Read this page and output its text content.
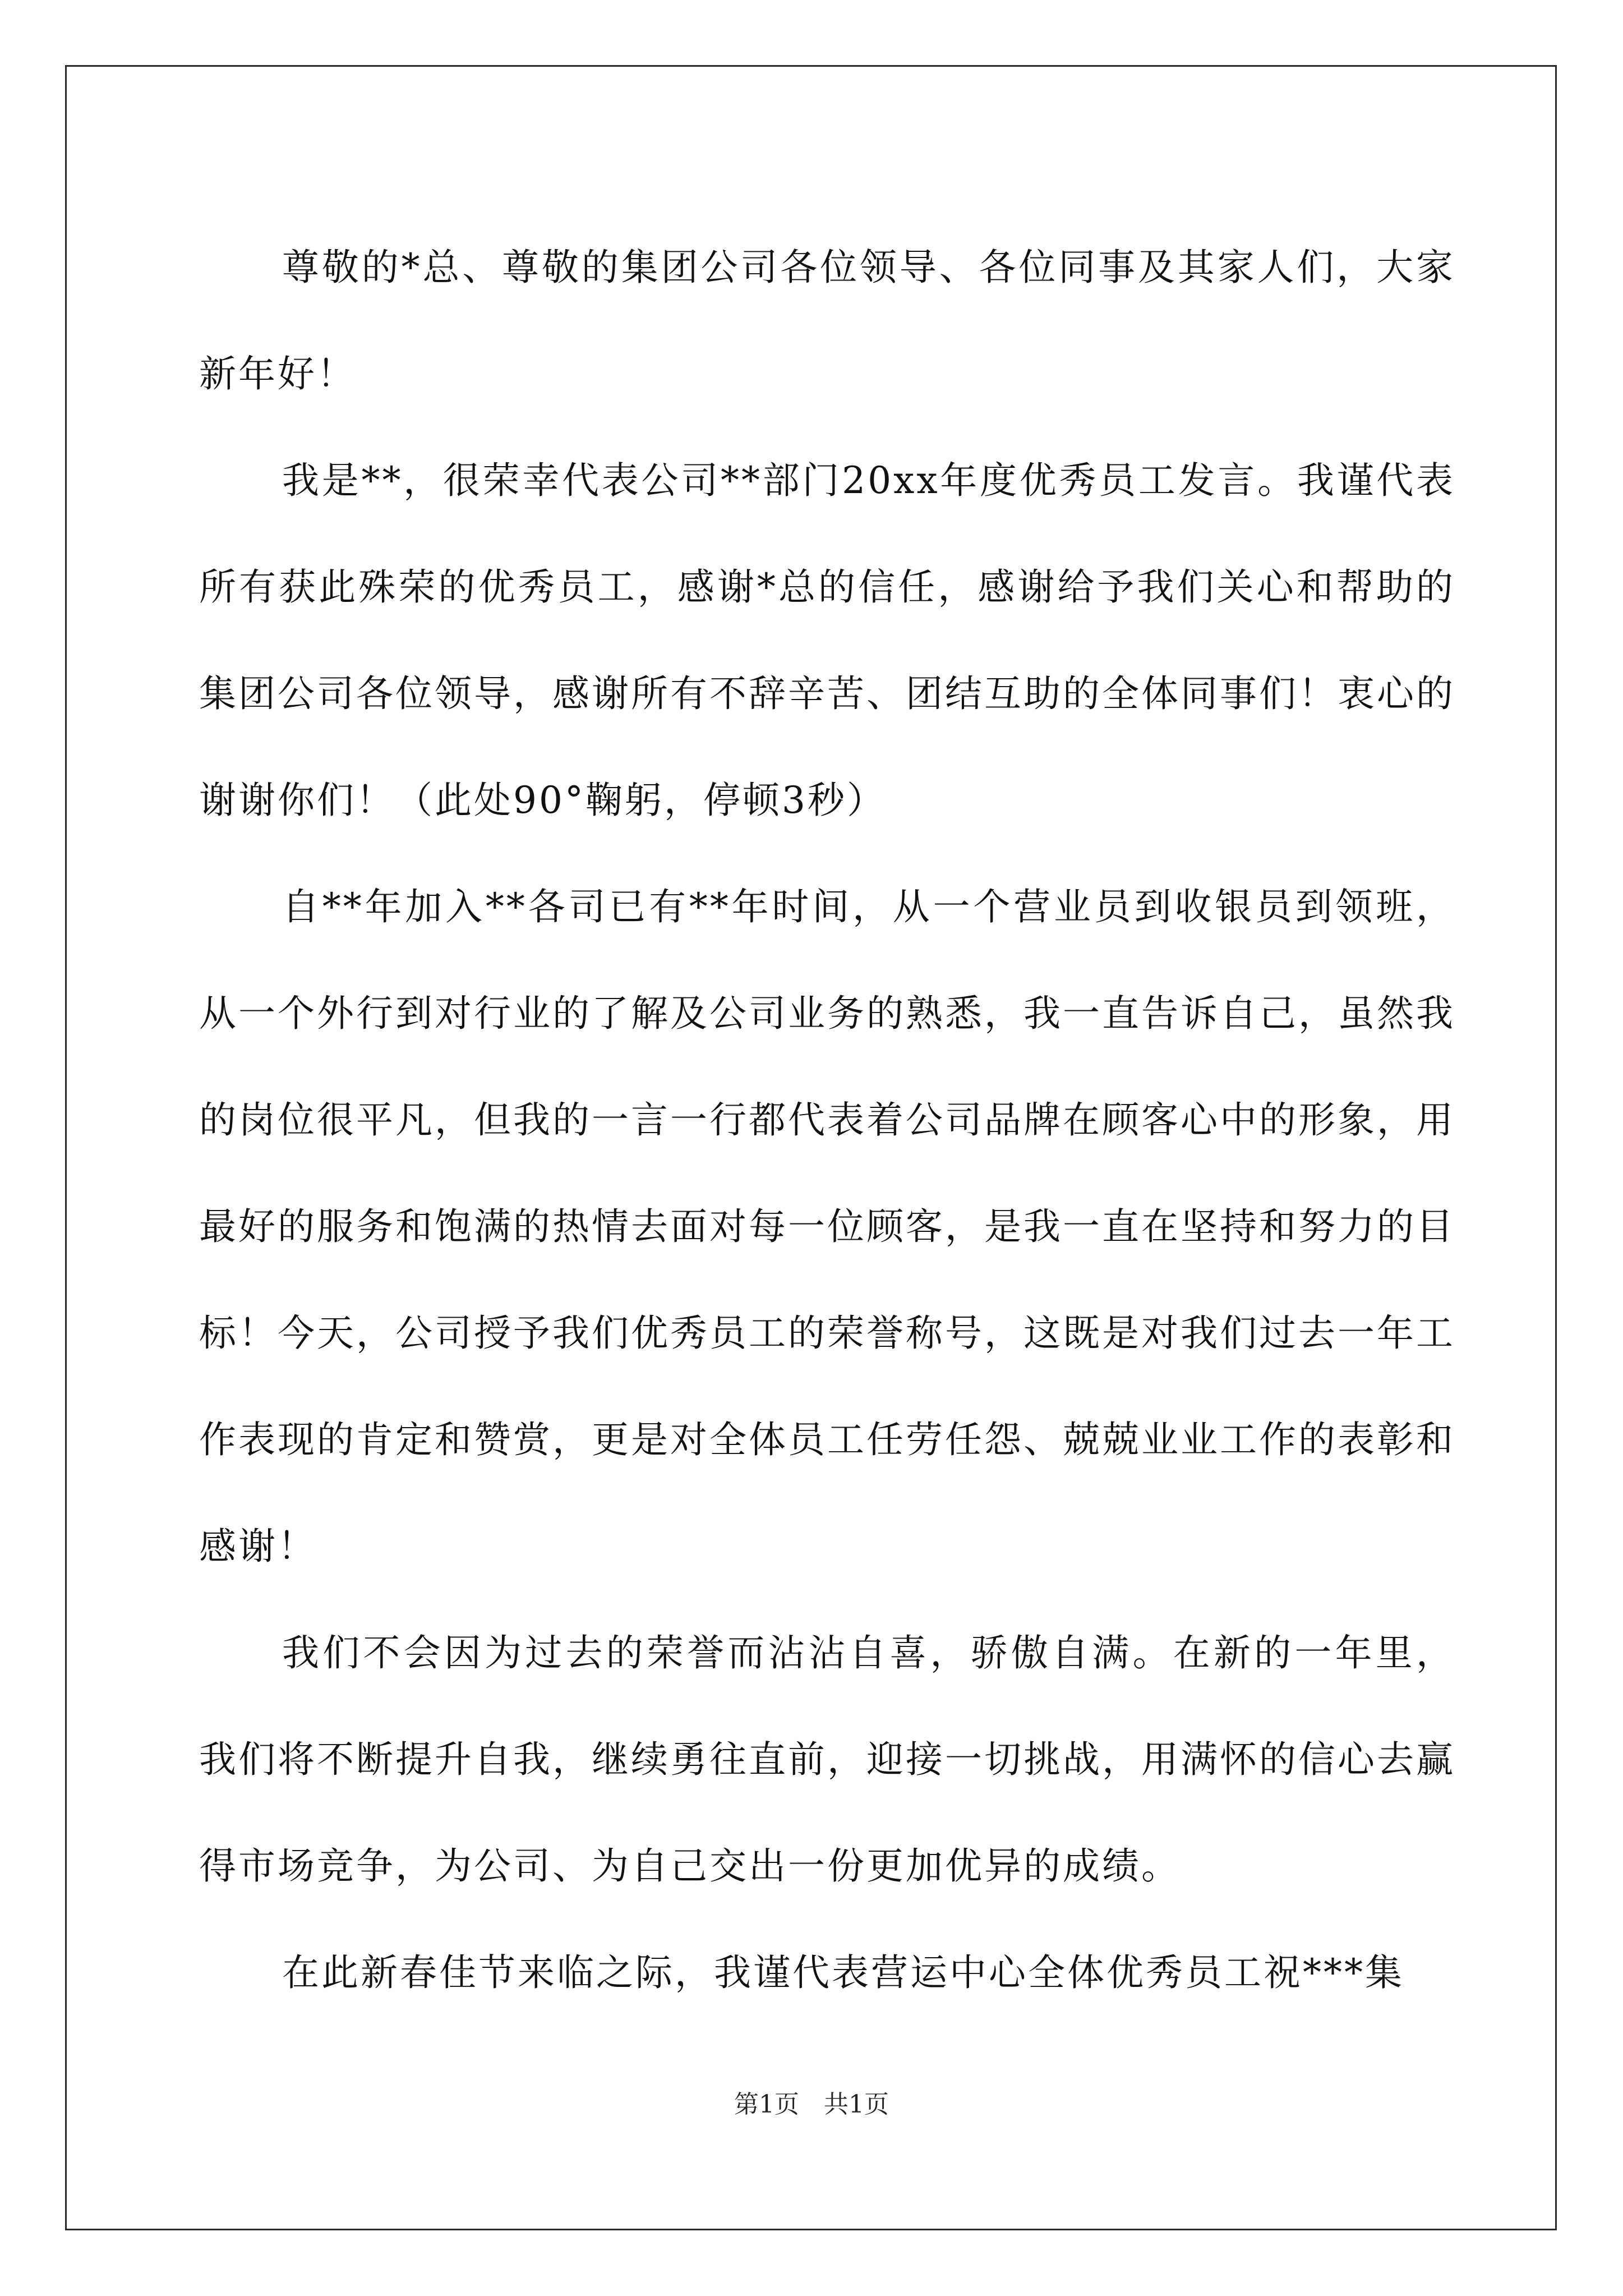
尊敬的*总、尊敬的集团公司各位领导、各位同事及其家人们，大家新年好！

我是**，很荣幸代表公司**部门20xx年度优秀员工发言。我谨代表所有获此殊荣的优秀员工，感谢*总的信任，感谢给予我们关心和帮助的集团公司各位领导，感谢所有不辞辛苦、团结互助的全体同事们！衷心的谢谢你们！（此处90°鞠躬，停顿3秒）

自**年加入**各司已有**年时间，从一个营业员到收银员到领班，从一个外行到对行业的了解及公司业务的熟悉，我一直告诉自己，虽然我的岗位很平凡，但我的一言一行都代表着公司品牌在顾客心中的形象，用最好的服务和饱满的热情去面对每一位顾客，是我一直在坚持和努力的目标！今天，公司授予我们优秀员工的荣誉称号，这既是对我们过去一年工作表现的肯定和赞赏，更是对全体员工任劳任怨、兢兢业业工作的表彰和感谢！

我们不会因为过去的荣誉而沾沾自喜，骄傲自满。在新的一年里，我们将不断提升自我，继续勇往直前，迎接一切挑战，用满怀的信心去赢得市场竞争，为公司、为自己交出一份更加优异的成绩。

在此新春佳节来临之际，我谨代表营运中心全体优秀员工祝***集

第1页　共1页
